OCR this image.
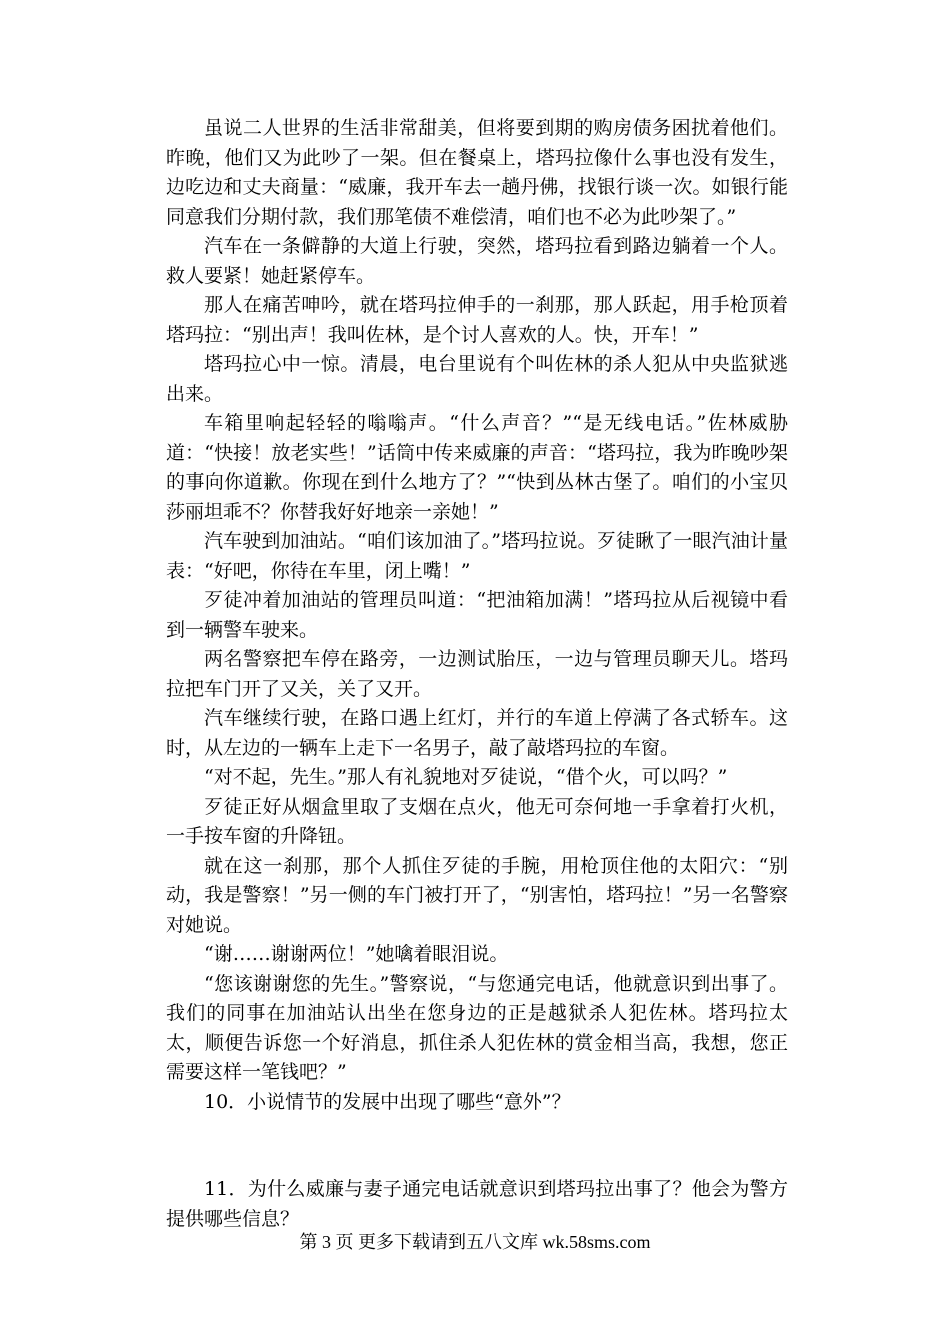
虽说二人世界的生活非常甜美，但将要到期的购房债务困扰着他们。昨晚，他们又为此吵了一架。但在餐桌上，塔玛拉像什么事也没有发生，边吃边和丈夫商量：“威廉，我开车去一趟丹佛，找银行谈一次。如银行能同意我们分期付款，我们那笔债不难偿清，咱们也不必为此吵架了。”

汽车在一条僻静的大道上行驶，突然，塔玛拉看到路边躺着一个人。救人要紧！她赶紧停车。

那人在痛苦呻吟，就在塔玛拉伸手的一刹那，那人跃起，用手枪顶着塔玛拉：“别出声！我叫佐林，是个讨人喜欢的人。快，开车！”

塔玛拉心中一惊。清晨，电台里说有个叫佐林的杀人犯从中央监狱逃出来。

车箱里响起轻轻的嗡嗡声。“什么声音？”“是无线电话。”佐林威胁道：“快接！放老实些！”话筒中传来威廉的声音：“塔玛拉，我为昨晚吵架的事向你道歉。你现在到什么地方了？”“快到丛林古堡了。咱们的小宝贝莎丽坦乖不？你替我好好地亲一亲她！”

汽车驶到加油站。“咱们该加油了。”塔玛拉说。歹徒瞅了一眼汽油计量表：“好吧，你待在车里，闭上嘴！”

歹徒冲着加油站的管理员叫道：“把油箱加满！”塔玛拉从后视镜中看到一辆警车驶来。

两名警察把车停在路旁，一边测试胎压，一边与管理员聊天儿。塔玛拉把车门开了又关，关了又开。

汽车继续行驶，在路口遇上红灯，并行的车道上停满了各式轿车。这时，从左边的一辆车上走下一名男子，敲了敲塔玛拉的车窗。

“对不起，先生。”那人有礼貌地对歹徒说，“借个火，可以吗？”

歹徒正好从烟盒里取了支烟在点火，他无可奈何地一手拿着打火机，一手按车窗的升降钮。

就在这一刹那，那个人抓住歹徒的手腕，用枪顶住他的太阳穴：“别动，我是警察！”另一侧的车门被打开了，“别害怕，塔玛拉！”另一名警察对她说。

“谢……谢谢两位！”她噙着眼泪说。

“您该谢谢您的先生。”警察说，“与您通完电话，他就意识到出事了。我们的同事在加油站认出坐在您身边的正是越狱杀人犯佐林。塔玛拉太太，顺便告诉您一个好消息，抓住杀人犯佐林的赏金相当高，我想，您正需要这样一笔钱吧？”

10．小说情节的发展中出现了哪些“意外”？

11．为什么威廉与妻子通完电话就意识到塔玛拉出事了？他会为警方提供哪些信息？

第 3 页 更多下载请到五八文库 wk.58sms.com
